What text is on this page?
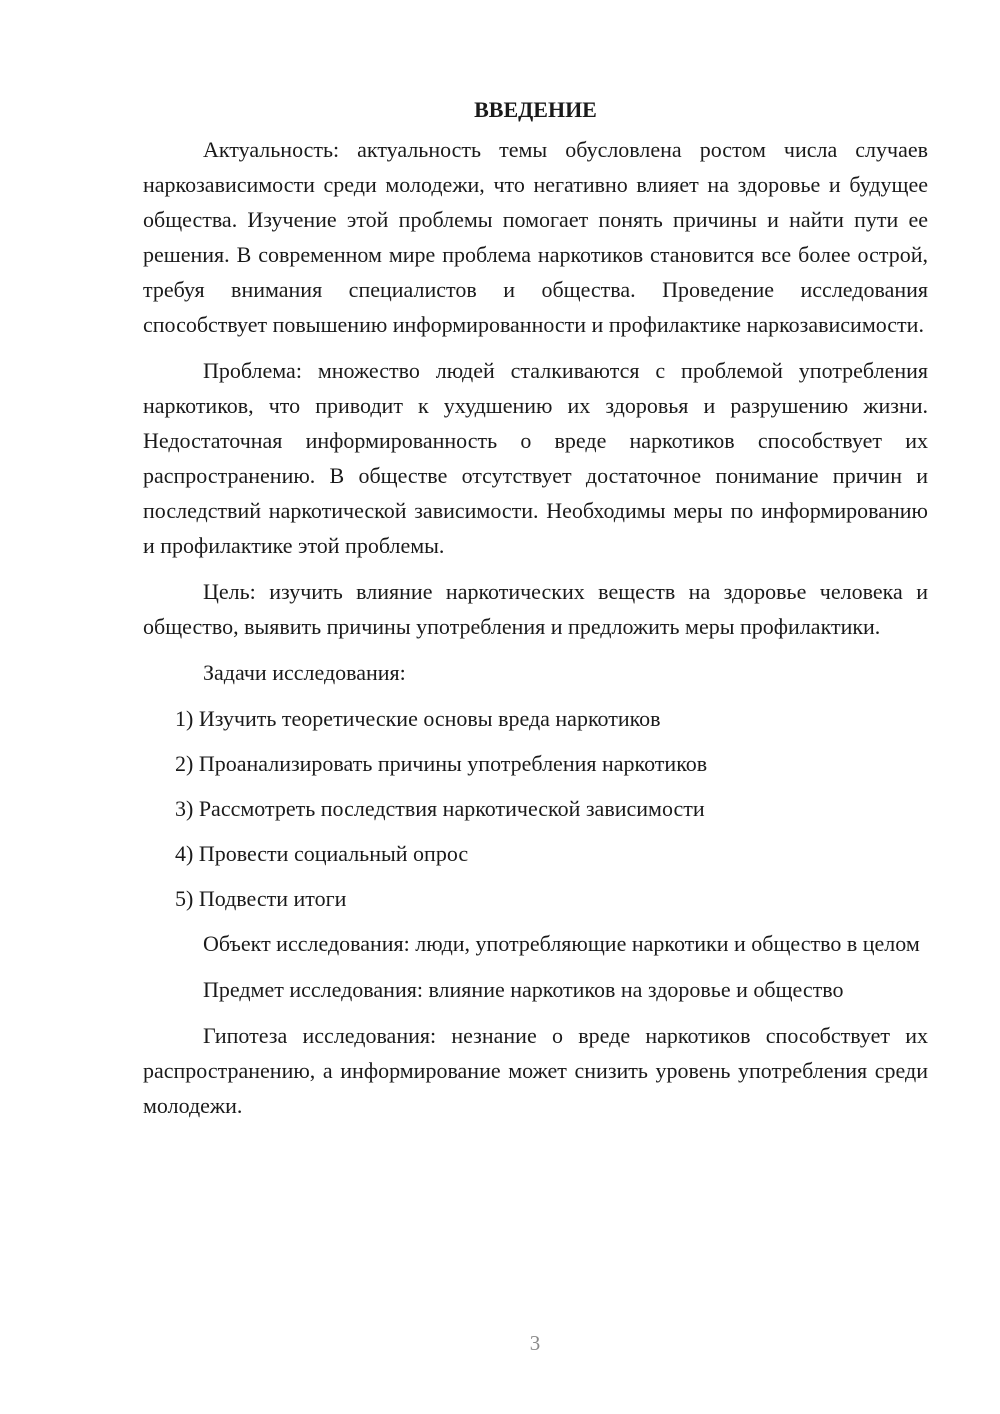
ВВЕДЕНИЕ

Актуальность: актуальность темы обусловлена ростом числа случаев наркозависимости среди молодежи, что негативно влияет на здоровье и будущее общества. Изучение этой проблемы помогает понять причины и найти пути ее решения. В современном мире проблема наркотиков становится все более острой, требуя внимания специалистов и общества. Проведение исследования способствует повышению информированности и профилактике наркозависимости.

Проблема: множество людей сталкиваются с проблемой употребления наркотиков, что приводит к ухудшению их здоровья и разрушению жизни. Недостаточная информированность о вреде наркотиков способствует их распространению. В обществе отсутствует достаточное понимание причин и последствий наркотической зависимости. Необходимы меры по информированию и профилактике этой проблемы.

Цель: изучить влияние наркотических веществ на здоровье человека и общество, выявить причины употребления и предложить меры профилактики.

Задачи исследования:
1) Изучить теоретические основы вреда наркотиков
2) Проанализировать причины употребления наркотиков
3) Рассмотреть последствия наркотической зависимости
4) Провести социальный опрос
5) Подвести итоги

Объект исследования: люди, употребляющие наркотики и общество в целом

Предмет исследования: влияние наркотиков на здоровье и общество

Гипотеза исследования: незнание о вреде наркотиков способствует их распространению, а информирование может снизить уровень употребления среди молодежи.

3
